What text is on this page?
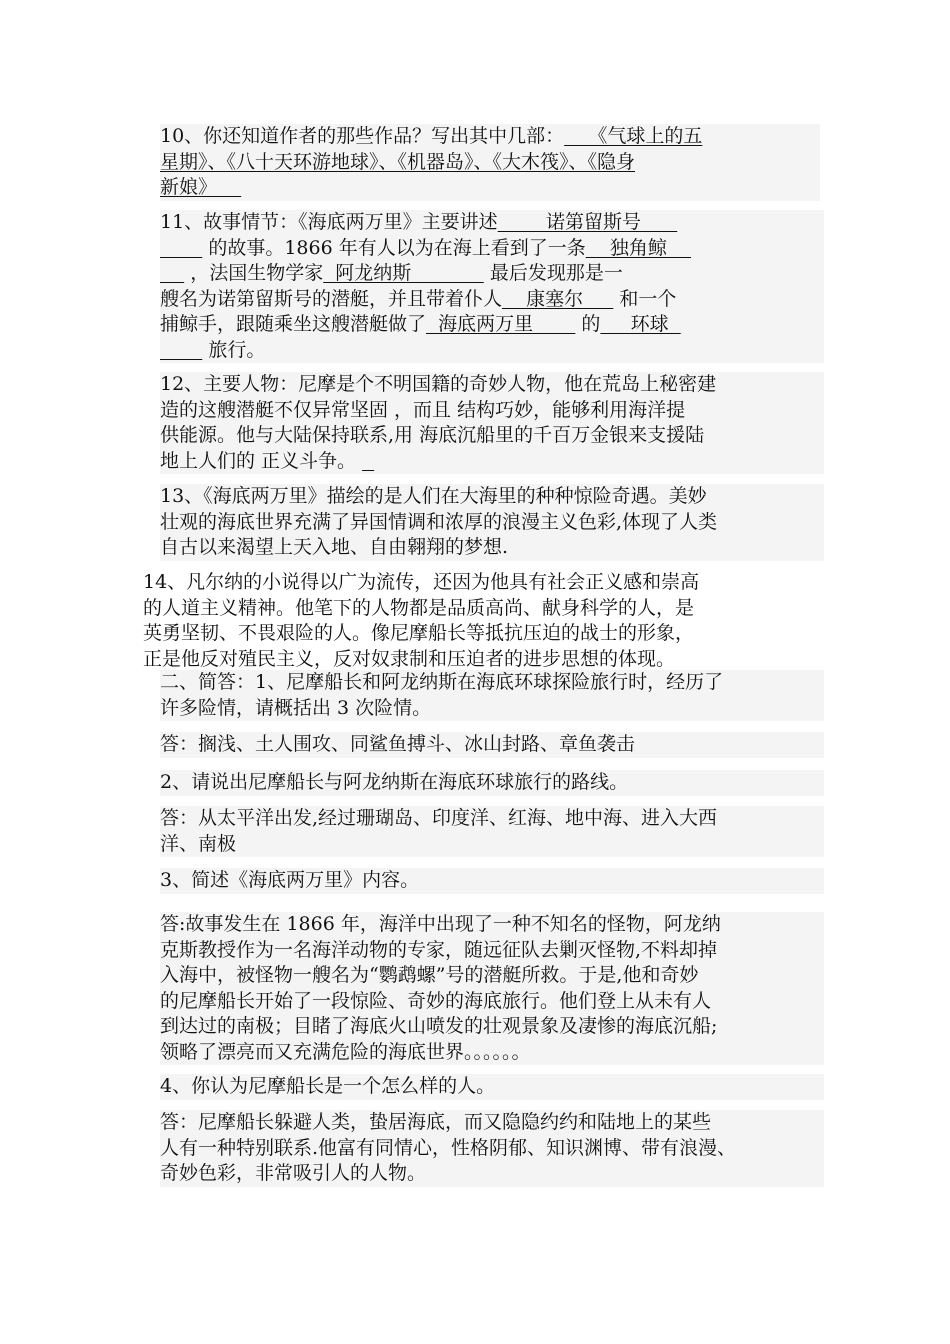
10、你还知道作者的那些作品？写出其中几部：    《气球上的五
星期》、《八十天环游地球》、《机器岛》、《大木筏》、《隐身
新娘》
11、故事情节：《海底两万里》主要讲述        诺第留斯号
的故事。1866 年有人以为在海上看到了一条    独角鲸
，法国生物学家  阿龙纳斯             最后发现那是一
艘名为诺第留斯号的潜艇，并且带着仆人    康塞尔      和一个
捕鲸手，跟随乘坐这艘潜艇做了  海底两万里        的     环球
旅行。
12、主要人物：尼摩是个不明国籍的奇妙人物，他在荒岛上秘密建
造的这艘潜艇不仅异常坚固 ，而且 结构巧妙，能够利用海洋提
供能源。他与大陆保持联系,用 海底沉船里的千百万金银来支援陆
地上人们的 正义斗争。
13、《海底两万里》描绘的是人们在大海里的种种惊险奇遇。美妙
壮观的海底世界充满了异国情调和浓厚的浪漫主义色彩,体现了人类
自古以来渴望上天入地、自由翱翔的梦想.
14、凡尔纳的小说得以广为流传，还因为他具有社会正义感和崇高
的人道主义精神。他笔下的人物都是品质高尚、献身科学的人，是
英勇坚韧、不畏艰险的人。像尼摩船长等抵抗压迫的战士的形象，
正是他反对殖民主义，反对奴隶制和压迫者的进步思想的体现。
二、简答：1、尼摩船长和阿龙纳斯在海底环球探险旅行时，经历了
许多险情，请概括出 3 次险情。
答：搁浅、土人围攻、同鲨鱼搏斗、冰山封路、章鱼袭击
2、请说出尼摩船长与阿龙纳斯在海底环球旅行的路线。
答：从太平洋出发,经过珊瑚岛、印度洋、红海、地中海、进入大西
洋、南极
3、简述《海底两万里》内容。
答:故事发生在 1866 年，海洋中出现了一种不知名的怪物，阿龙纳
克斯教授作为一名海洋动物的专家，随远征队去剿灭怪物,不料却掉
入海中，被怪物一艘名为“鹦鹉螺”号的潜艇所救。于是,他和奇妙
的尼摩船长开始了一段惊险、奇妙的海底旅行。他们登上从未有人
到达过的南极；目睹了海底火山喷发的壮观景象及凄惨的海底沉船;
领略了漂亮而又充满危险的海底世界。。。。。。
4、你认为尼摩船长是一个怎么样的人。
答：尼摩船长躲避人类，蛰居海底，而又隐隐约约和陆地上的某些
人有一种特别联系.他富有同情心，性格阴郁、知识渊博、带有浪漫、
奇妙色彩，非常吸引人的人物。
